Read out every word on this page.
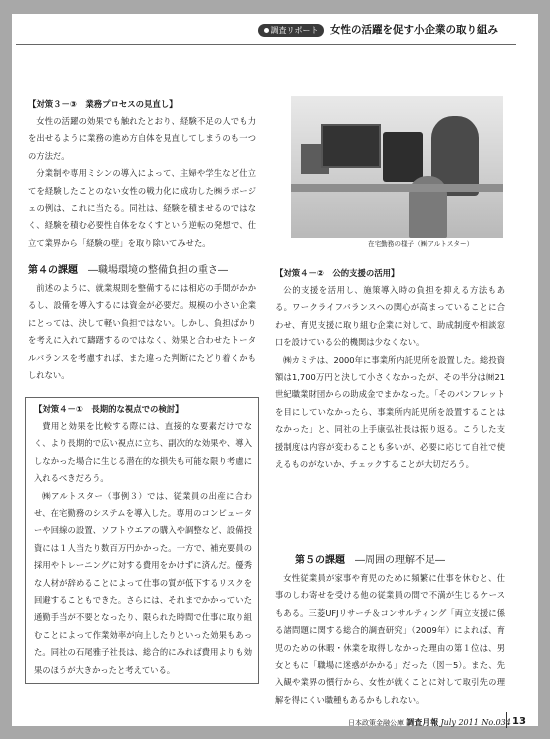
調査リポート	女性の活躍を促す小企業の取り組み

【対策３－③　業務プロセスの見直し】

女性の活躍の効果でも触れたとおり、経験不足の人でも力を出せるように業務の進め方自体を見直してしまうのも一つの方法だ。

分業制や専用ミシンの導入によって、主婦や学生など仕立てを経験したことのない女性の戦力化に成功した㈱ラポージェの例は、これに当たる。同社は、経験を積ませるのではなく、経験を積む必要性自体をなくすという逆転の発想で、仕立て業界から「経験の壁」を取り除いてみせた。

第４の課題　 ―職場環境の整備負担の重さ―

前述のように、就業規則を整備するには相応の手間がかかるし、設備を導入するには資金が必要だ。規模の小さい企業にとっては、決して軽い負担ではない。しかし、負担ばかりを考えに入れて躊躇するのではなく、効果と合わせたトータルバランスを考慮すれば、また違った判断にたどり着くかもしれない。

【対策４－①　長期的な視点での検討】

費用と効果を比較する際には、直接的な要素だけでなく、より長期的で広い視点に立ち、副次的な効果や、導入しなかった場合に生じる潜在的な損失も可能な限り考慮に入れるべきだろう。

㈱アルトスター（事例３）では、従業員の出産に合わせ、在宅勤務のシステムを導入した。専用のコンピューターや回線の設置、ソフトウエアの購入や調整など、設備投資には１人当たり数百万円かかった。一方で、補充要員の採用やトレーニングに対する費用をかけずに済んだ。優秀な人材が辞めることによって仕事の質が低下するリスクを回避することもできた。さらには、それまでかかっていた通勤手当が不要となったり、限られた時間で仕事に取り組むことによって作業効率が向上したりといった効果もあった。同社の石尾雅子社長は、総合的にみれば費用よりも効果のほうが大きかったと考えている。

在宅勤務の様子（㈱アルトスター）

【対策４－②　公的支援の活用】

公的支援を活用し、施策導入時の負担を抑える方法もある。ワークライフバランスへの関心が高まっていることに合わせ、育児支援に取り組む企業に対して、助成制度や相談窓口を設けている公的機関は少なくない。

㈱カミテは、2000年に事業所内託児所を設置した。総投資額は1,700万円と決して小さくなかったが、その半分は㈶21世紀職業財団からの助成金でまかなった。「そのパンフレットを目にしていなかったら、事業所内託児所を設置することはなかった」と、同社の上手康弘社長は振り返る。こうした支援制度は内容が変わることも多いが、必要に応じて自社で使えるものがないか、チェックすることが大切だろう。

第５の課題　 ―周囲の理解不足―

女性従業員が家事や育児のために頻繁に仕事を休むと、仕事のしわ寄せを受ける他の従業員の間で不満が生じるケースもある。三菱UFJリサーチ＆コンサルティング「両立支援に係る諸問題に関する総合的調査研究」（2009年）によれば、育児のための休暇・休業を取得しなかった理由の第１位は、男女ともに「職場に迷惑がかかる」だった（図－5）。また、先入観や業界の慣行から、女性が就くことに対して取引先の理解を得にくい職種もあるかもしれない。

日本政策金融公庫 調査月報 July 2011 No.034 13
